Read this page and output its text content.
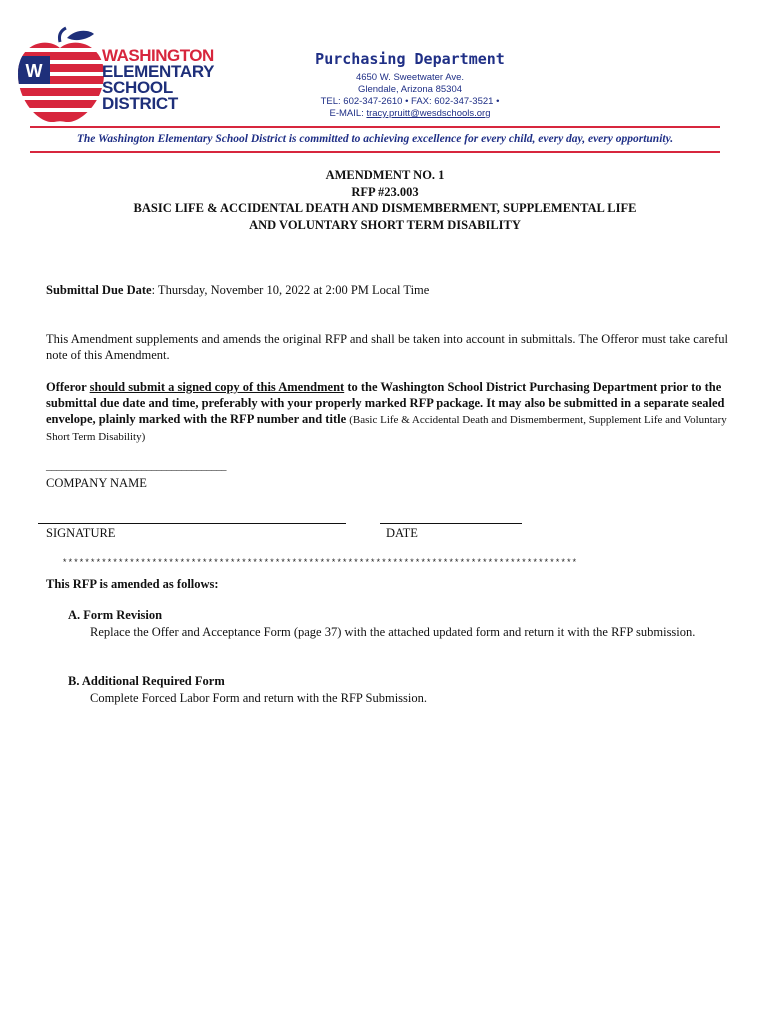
W
WASHINGTON
ELEMENTARY
SCHOOL
DISTRICT
Purchasing Department
4650 W. Sweetwater Ave.
Glendale, Arizona 85304
TEL: 602-347-2610 • FAX: 602-347-3521 •
E-MAIL: tracy.pruitt@wesdschools.org
The Washington Elementary School District is committed to achieving excellence for every child, every day, every opportunity.
AMENDMENT NO. 1
RFP #23.003
BASIC LIFE & ACCIDENTAL DEATH AND DISMEMBERMENT, SUPPLEMENTAL LIFE
AND VOLUNTARY SHORT TERM DISABILITY
Submittal Due Date: Thursday, November 10, 2022 at 2:00 PM Local Time
This Amendment supplements and amends the original RFP and shall be taken into account in submittals. The Offeror must take careful note of this Amendment.
Offeror should submit a signed copy of this Amendment to the Washington School District Purchasing Department prior to the submittal due date and time, preferably with your properly marked RFP package. It may also be submitted in a separate sealed envelope, plainly marked with the RFP number and title (Basic Life & Accidental Death and Dismemberment, Supplement Life and Voluntary Short Term Disability)
____________________________________
COMPANY NAME
SIGNATURE	DATE
********************************************************************************************
This RFP is amended as follows:
A. Form Revision
Replace the Offer and Acceptance Form (page 37) with the attached updated form and return it with the RFP submission.
B. Additional Required Form
Complete Forced Labor Form and return with the RFP Submission.
